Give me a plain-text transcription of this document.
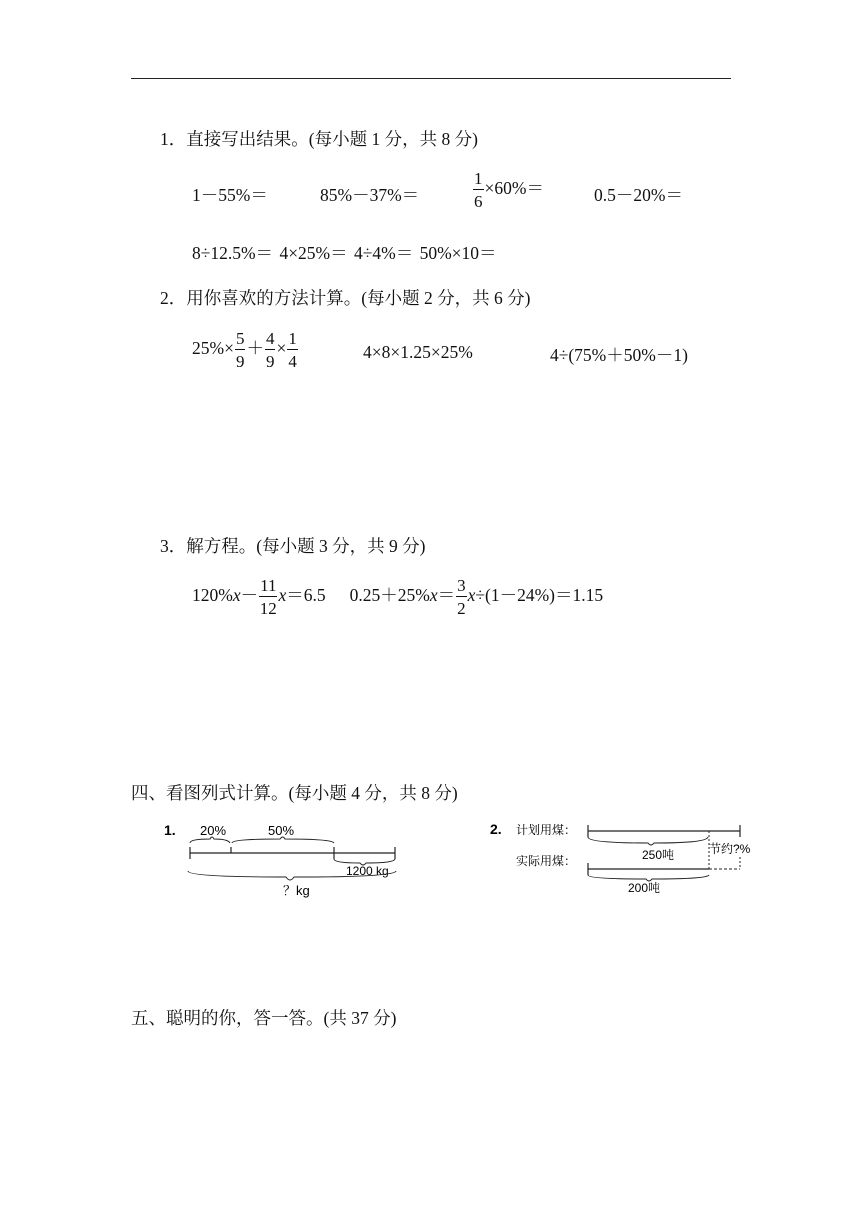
1．直接写出结果。(每小题 1 分，共 8 分)
1－55%＝	85%－37%＝	$\frac{1}{6} \times 60\%=$	0.5－20%＝
8÷12.5%＝ 4×25%＝ 4÷4%＝ 50%×10＝
2．用你喜欢的方法计算。(每小题 2 分，共 6 分)
$25\%\times \frac{5}{9} + \frac{4}{9} \times \frac{1}{4}$	4×8×1.25×25%	4÷(75%＋50%－1)
3．解方程。(每小题 3 分，共 9 分)
$120\%x- \frac{11}{12} x=6.5$ $0.25+25\%x= \frac{3}{2} x\div(1-24\%)=1.15$
四、看图列式计算。(每小题 4 分，共 8 分)
1. 20%	50%
1200 kg
？kg
2. 计划用煤：
实际用煤：	250吨	节约?%
200吨
五、聪明的你，答一答。(共 37 分)
